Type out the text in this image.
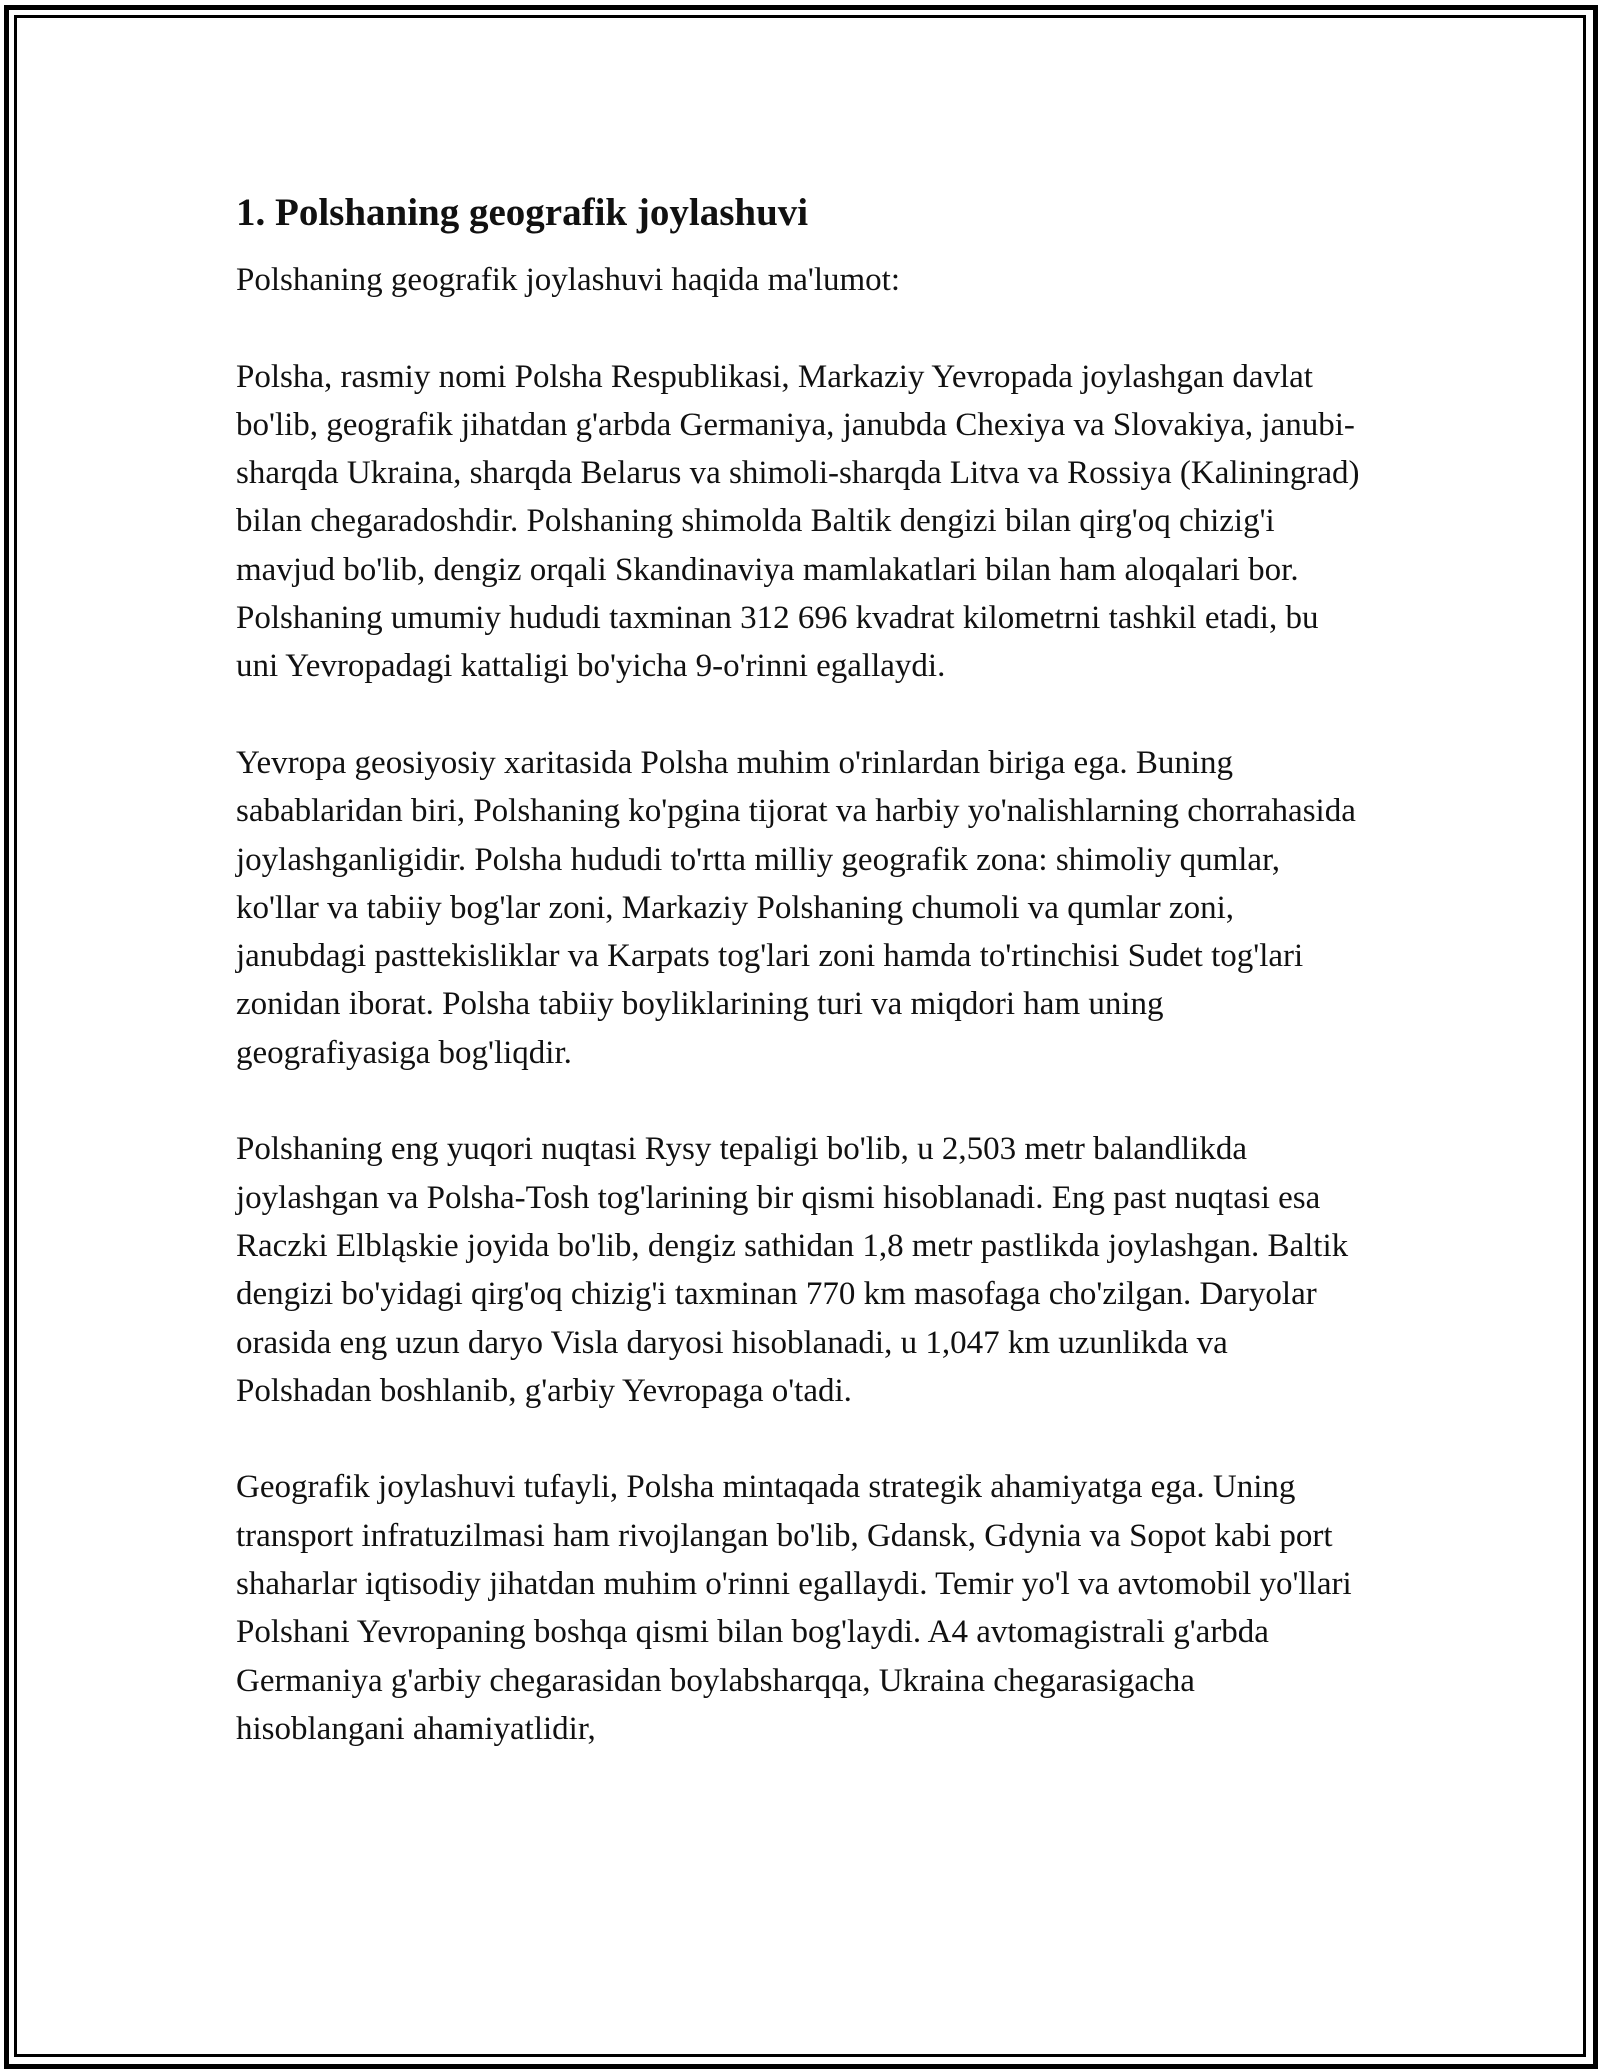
1. Polshaning geografik joylashuvi

Polshaning geografik joylashuvi haqida ma'lumot:

Polsha, rasmiy nomi Polsha Respublikasi, Markaziy Yevropada joylashgan davlat bo'lib, geografik jihatdan g'arbda Germaniya, janubda Chexiya va Slovakiya, janubi-sharqda Ukraina, sharqda Belarus va shimoli-sharqda Litva va Rossiya (Kaliningrad) bilan chegaradoshdir. Polshaning shimolda Baltik dengizi bilan qirg'oq chizig'i mavjud bo'lib, dengiz orqali Skandinaviya mamlakatlari bilan ham aloqalari bor. Polshaning umumiy hududi taxminan 312 696 kvadrat kilometrni tashkil etadi, bu uni Yevropadagi kattaligi bo'yicha 9-o'rinni egallaydi.

Yevropa geosiyosiy xaritasida Polsha muhim o'rinlardan biriga ega. Buning sabablaridan biri, Polshaning ko'pgina tijorat va harbiy yo'nalishlarning chorrahasida joylashganligidir. Polsha hududi to'rtta milliy geografik zona: shimoliy qumlar, ko'llar va tabiiy bog'lar zoni, Markaziy Polshaning chumoli va qumlar zoni, janubdagi pasttekisliklar va Karpats tog'lari zoni hamda to'rtinchisi Sudet tog'lari zonidan iborat. Polsha tabiiy boyliklarining turi va miqdori ham uning geografiyasiga bog'liqdir.

Polshaning eng yuqori nuqtasi Rysy tepaligi bo'lib, u 2,503 metr balandlikda joylashgan va Polsha-Tosh tog'larining bir qismi hisoblanadi. Eng past nuqtasi esa Raczki Elbląskie joyida bo'lib, dengiz sathidan 1,8 metr pastlikda joylashgan. Baltik dengizi bo'yidagi qirg'oq chizig'i taxminan 770 km masofaga cho'zilgan. Daryolar orasida eng uzun daryo Visla daryosi hisoblanadi, u 1,047 km uzunlikda va Polshadan boshlanib, g'arbiy Yevropaga o'tadi.

Geografik joylashuvi tufayli, Polsha mintaqada strategik ahamiyatga ega. Uning transport infratuzilmasi ham rivojlangan bo'lib, Gdansk, Gdynia va Sopot kabi port shaharlar iqtisodiy jihatdan muhim o'rinni egallaydi. Temir yo'l va avtomobil yo'llari Polshani Yevropaning boshqa qismi bilan bog'laydi. A4 avtomagistrali g'arbda Germaniya g'arbiy chegarasidan boylabsharqqa, Ukraina chegarasigacha hisoblangani ahamiyatlidir,
